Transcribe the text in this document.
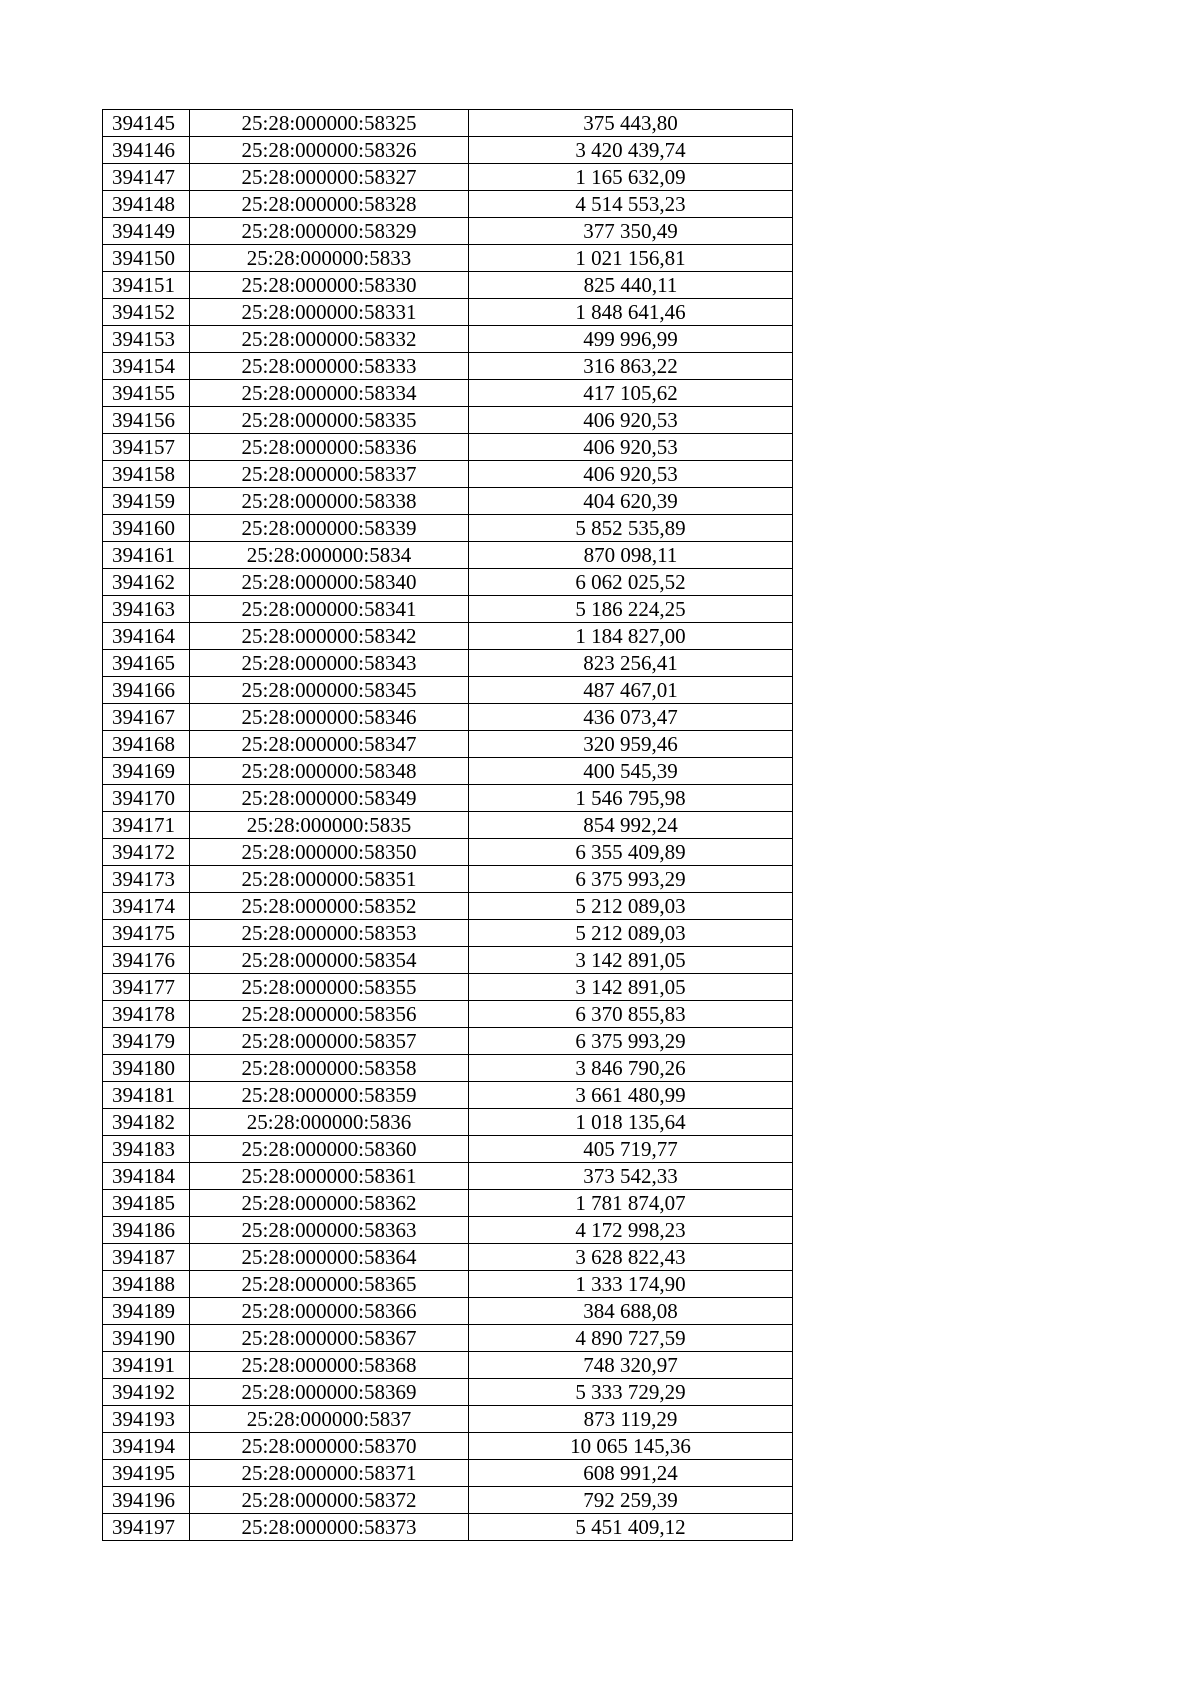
394145	25:28:000000:58325	375 443,80
394146	25:28:000000:58326	3 420 439,74
394147	25:28:000000:58327	1 165 632,09
394148	25:28:000000:58328	4 514 553,23
394149	25:28:000000:58329	377 350,49
394150	25:28:000000:5833	1 021 156,81
394151	25:28:000000:58330	825 440,11
394152	25:28:000000:58331	1 848 641,46
394153	25:28:000000:58332	499 996,99
394154	25:28:000000:58333	316 863,22
394155	25:28:000000:58334	417 105,62
394156	25:28:000000:58335	406 920,53
394157	25:28:000000:58336	406 920,53
394158	25:28:000000:58337	406 920,53
394159	25:28:000000:58338	404 620,39
394160	25:28:000000:58339	5 852 535,89
394161	25:28:000000:5834	870 098,11
394162	25:28:000000:58340	6 062 025,52
394163	25:28:000000:58341	5 186 224,25
394164	25:28:000000:58342	1 184 827,00
394165	25:28:000000:58343	823 256,41
394166	25:28:000000:58345	487 467,01
394167	25:28:000000:58346	436 073,47
394168	25:28:000000:58347	320 959,46
394169	25:28:000000:58348	400 545,39
394170	25:28:000000:58349	1 546 795,98
394171	25:28:000000:5835	854 992,24
394172	25:28:000000:58350	6 355 409,89
394173	25:28:000000:58351	6 375 993,29
394174	25:28:000000:58352	5 212 089,03
394175	25:28:000000:58353	5 212 089,03
394176	25:28:000000:58354	3 142 891,05
394177	25:28:000000:58355	3 142 891,05
394178	25:28:000000:58356	6 370 855,83
394179	25:28:000000:58357	6 375 993,29
394180	25:28:000000:58358	3 846 790,26
394181	25:28:000000:58359	3 661 480,99
394182	25:28:000000:5836	1 018 135,64
394183	25:28:000000:58360	405 719,77
394184	25:28:000000:58361	373 542,33
394185	25:28:000000:58362	1 781 874,07
394186	25:28:000000:58363	4 172 998,23
394187	25:28:000000:58364	3 628 822,43
394188	25:28:000000:58365	1 333 174,90
394189	25:28:000000:58366	384 688,08
394190	25:28:000000:58367	4 890 727,59
394191	25:28:000000:58368	748 320,97
394192	25:28:000000:58369	5 333 729,29
394193	25:28:000000:5837	873 119,29
394194	25:28:000000:58370	10 065 145,36
394195	25:28:000000:58371	608 991,24
394196	25:28:000000:58372	792 259,39
394197	25:28:000000:58373	5 451 409,12
